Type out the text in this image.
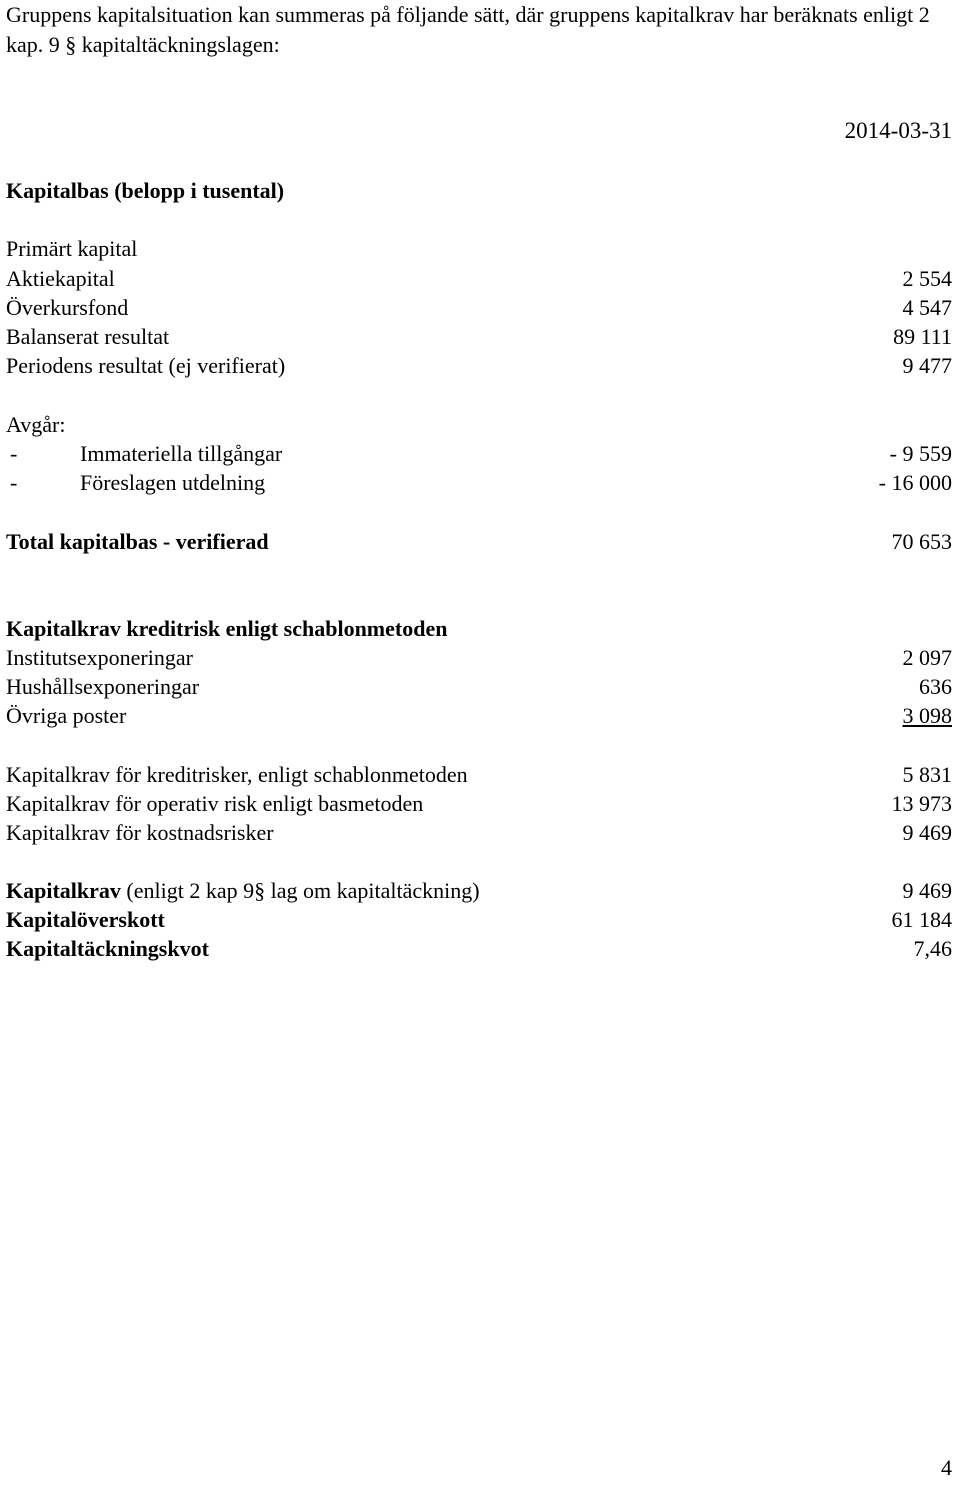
Gruppens kapitalsituation kan summeras på följande sätt, där gruppens kapitalkrav har beräknats enligt 2 kap. 9 § kapitaltäckningslagen:
2014-03-31
Kapitalbas (belopp i tusental)
Primärt kapital
Aktiekapital	2 554
Överkursfond	4 547
Balanserat resultat	89 111
Periodens resultat (ej verifierat)	9 477
Avgår:
-	Immateriella tillgångar	- 9 559
-	Föreslagen utdelning	- 16 000
Total kapitalbas - verifierad	70 653
Kapitalkrav kreditrisk enligt schablonmetoden
Institutsexponeringar	2 097
Hushållsexponeringar	636
Övriga poster	3 098
Kapitalkrav för kreditrisker, enligt schablonmetoden	5 831
Kapitalkrav för operativ risk enligt basmetoden	13 973
Kapitalkrav för kostnadsrisker	9 469
Kapitalkrav (enligt 2 kap 9§ lag om kapitaltäckning)	9 469
Kapitalöverskott	61 184
Kapitaltäckningskvot	7,46
4
